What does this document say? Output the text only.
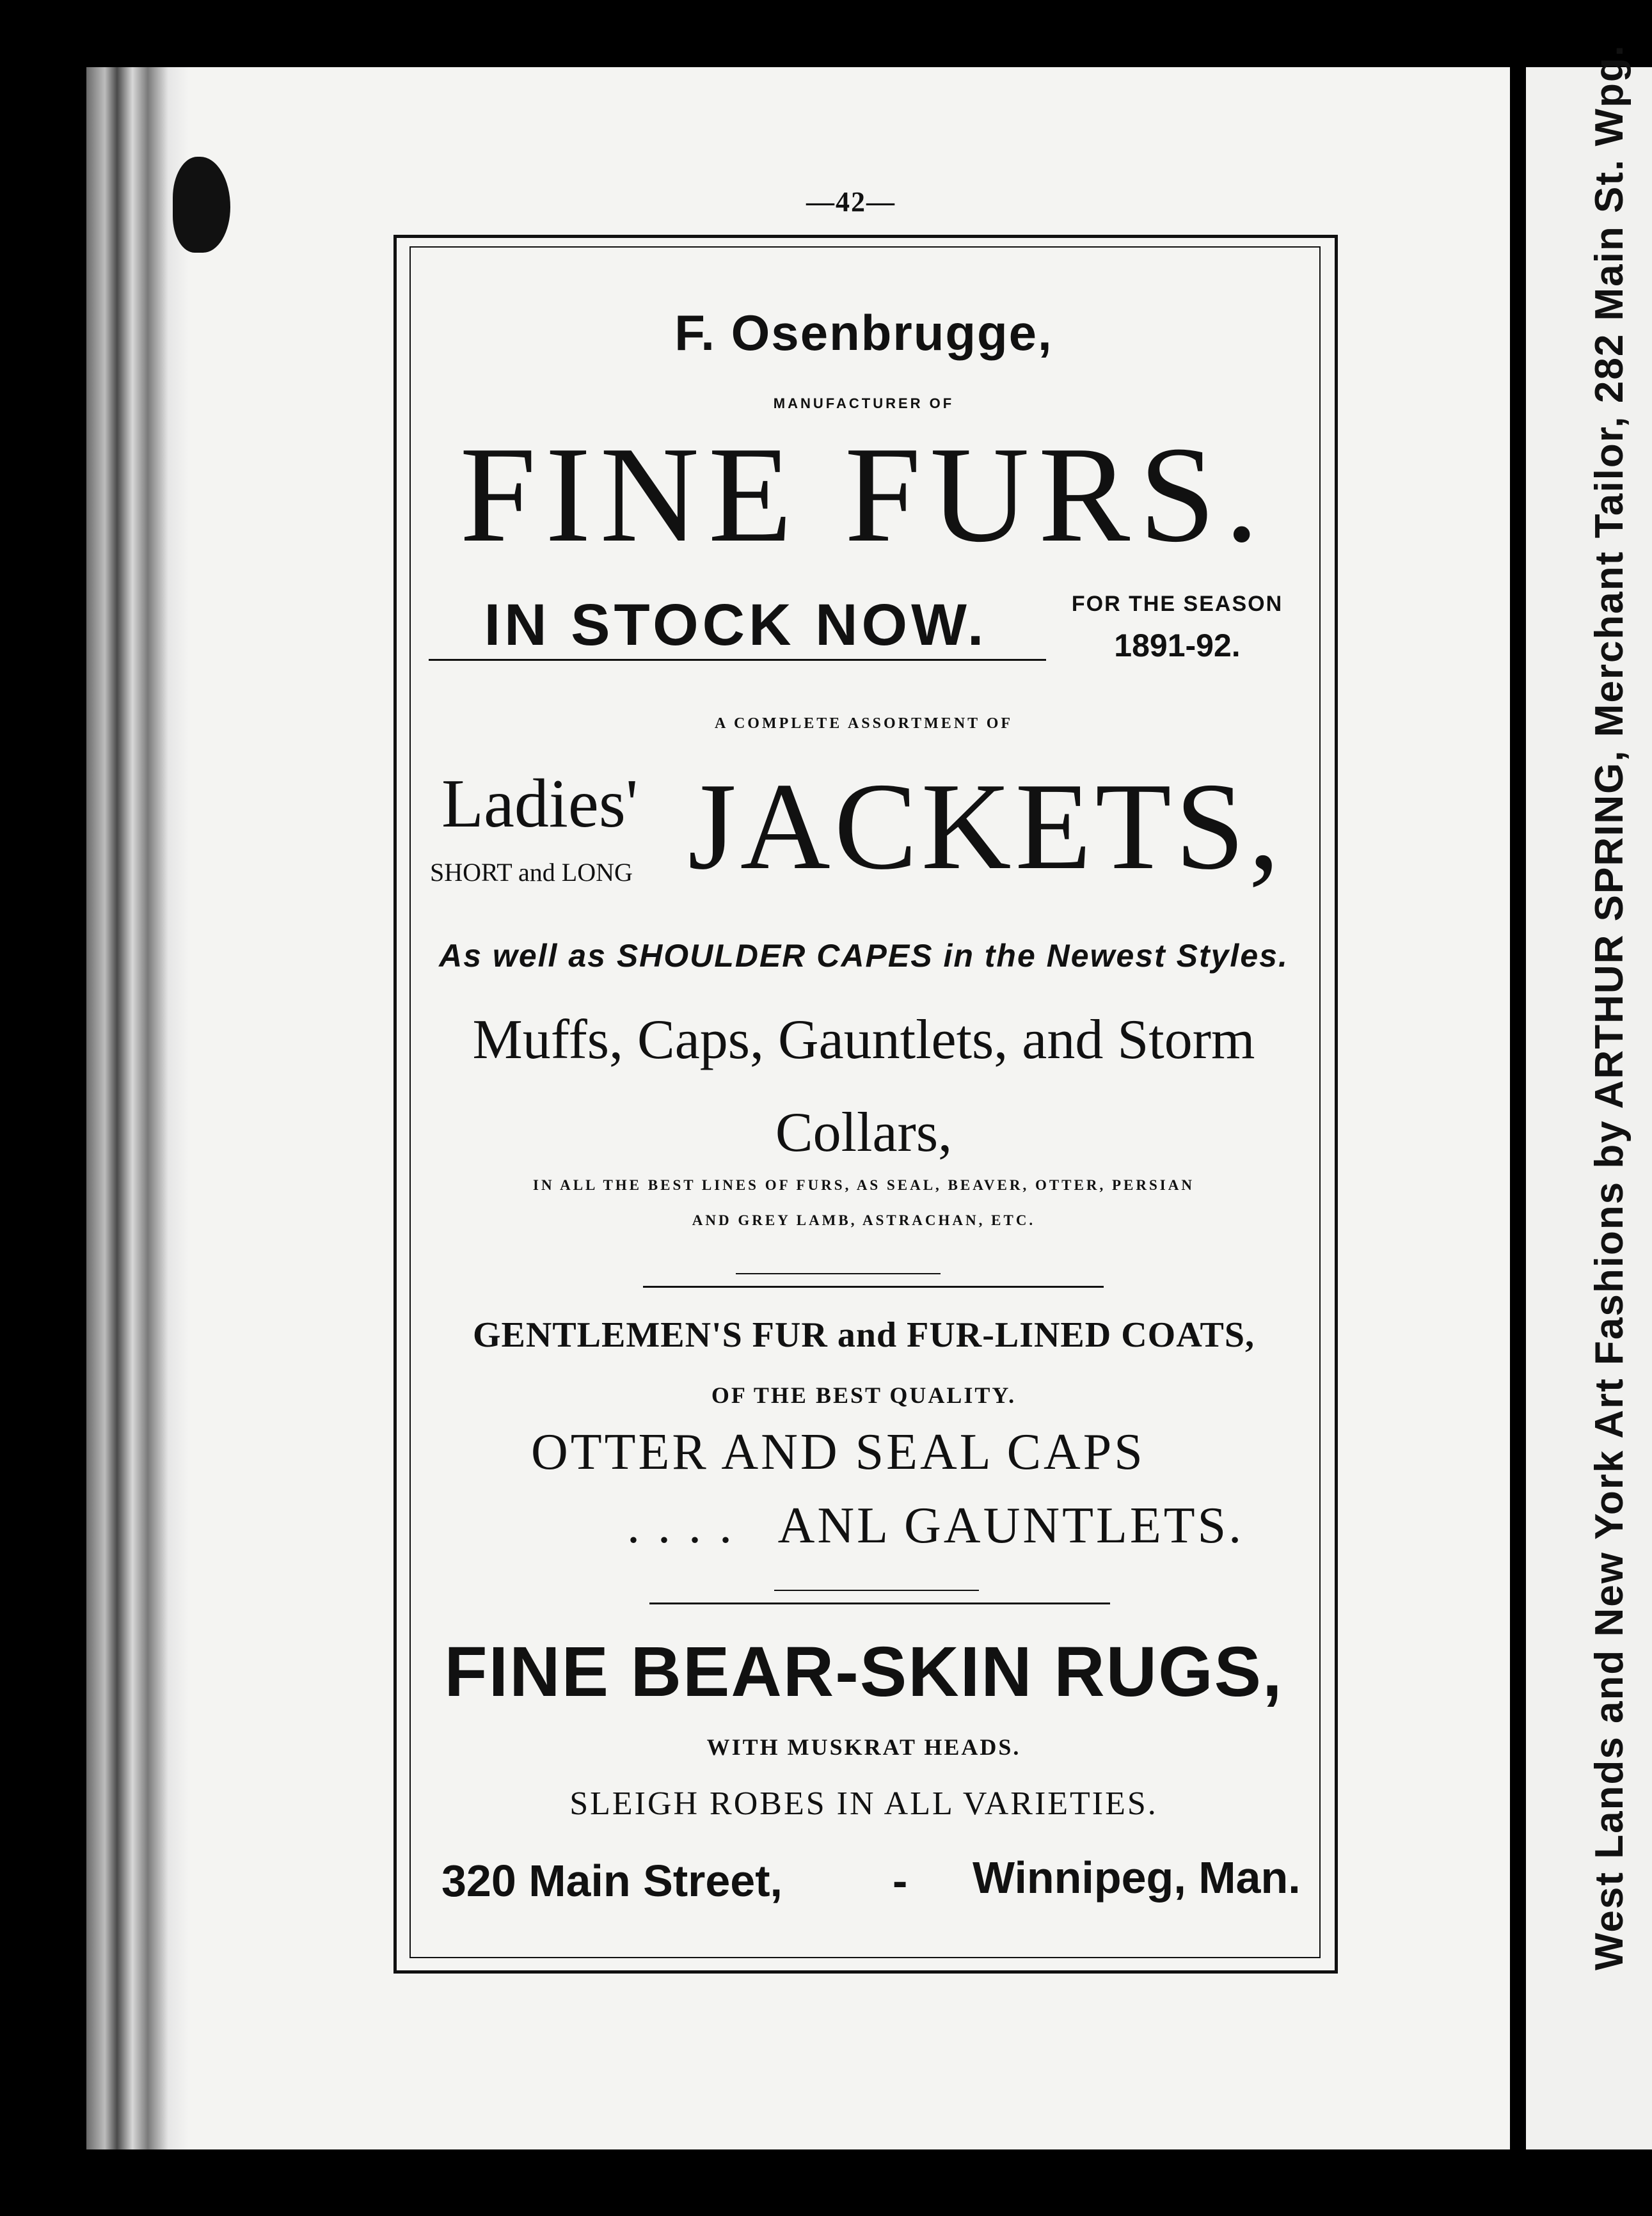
West Lands and New York Art Fashions by ARTHUR SPRING, Merchant Tailor, 282 Main St. Wpg.
—42—
F. Osenbrugge,
MANUFACTURER OF
FINE FURS.
IN STOCK NOW.	FOR THE SEASON
1891-92.
A COMPLETE ASSORTMENT OF
Ladies'
SHORT and LONG JACKETS,
As well as SHOULDER CAPES in the Newest Styles.
Muffs, Caps, Gauntlets, and Storm
Collars,
IN ALL THE BEST LINES OF FURS, AS SEAL, BEAVER, OTTER, PERSIAN
AND GREY LAMB, ASTRACHAN, ETC.
GENTLEMEN'S FUR and FUR-LINED COATS,
OF THE BEST QUALITY.
OTTER AND SEAL CAPS
. . . .   ANL GAUNTLETS.
FINE BEAR-SKIN RUGS,
WITH MUSKRAT HEADS.
SLEIGH ROBES IN ALL VARIETIES.
320 Main Street, - Winnipeg, Man.
